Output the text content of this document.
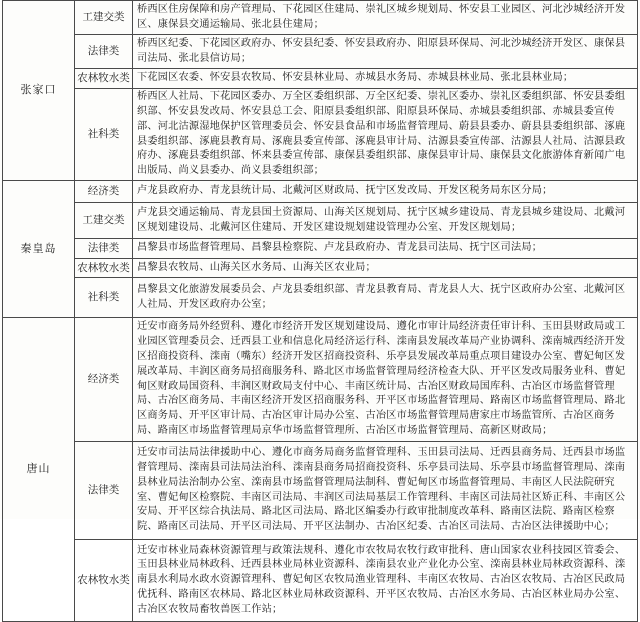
张家口	工建交类	桥西区住房保障和房产管理局、下花园区住建局、崇礼区城乡规划局、怀安县工业园区、河北沙城经济开发区、康保县交通运输局、张北县住建局；
	法律类	桥西区纪委、下花园区政府办、怀安县纪委、怀安县政府办、阳原县环保局、河北沙城经济开发区、康保县司法局、张北县信访局；
	农林牧水类	下花园区农委、怀安县农牧局、怀安县林业局、赤城县水务局、赤城县林业局、张北县林业局；
	社科类	桥西区人社局、下花园区委办、万全区委组织部、万全区纪委、崇礼区委办、崇礼区委组织部、怀安县委组织部、怀安县发改局、怀安县总工会、阳原县委组织部、阳原县环保局、赤城县委组织部、赤城县委宣传部、河北沽源湿地保护区管理委员会、怀安县食品和市场监督管理局、蔚县县委办、蔚县县委组织部、涿鹿县委组织部、涿鹿县教育局、涿鹿县委宣传部、涿鹿县审计局、沽源县委宣传部、沽源县人社局、沽源县政府办、涿鹿县委组织部、怀来县委宣传部、康保县委组织部、康保县审计局、康保县文化旅游体育新闻广电出版局、尚义县委办、尚义县委组织部；
秦皇岛	经济类	卢龙县政府办、青龙县统计局、北戴河区财政局、抚宁区发改局、开发区税务局东区分局；
	工建交类	卢龙县交通运输局、青龙县国土资源局、山海关区规划局、抚宁区城乡建设局、青龙县城乡建设局、北戴河区规划建设局、北戴河区住建局、开发区建设规划建设管理办公室、开发区规划局；
	法律类	昌黎县市场监督管理局、昌黎县检察院、卢龙县政府办、青龙县司法局、抚宁区司法局；
	农林牧水类	昌黎县农牧局、山海关区水务局、山海关区农业局；
	社科类	昌黎县文化旅游发展委员会、卢龙县委组织部、青龙县教育局、青龙县人大、抚宁区政府办公室、北戴河区人社局、开发区政府办公室；
唐山	经济类	迁安市商务局外经贸科、遵化市经济开发区规划建设局、遵化市审计局经济责任审计科、玉田县财政局或工业园区管理委员会、迁西县工业和信息化局经济运行科、滦南县发展改革局产业协调科、滦南城西经济开发区招商投资科、滦南（嘴东）经济开发区招商投资科、乐亭县发展改革局重点项目建设办公室、曹妃甸区发展改革局、丰润区商务局招商服务科、路北区市场监督管理局经济检查大队、开平区发改局服务业科、曹妃甸区财政局国资科、丰润区财政局支付中心、丰南区统计局、古冶区财政局国库科、古冶区市场监督管理局、古冶区商务局、丰南区经济开发区招商服务科、开平区市场监督管理局、路南区市场监督管理局、路北区商务局、开平区审计局、古冶区审计局办公室、古冶区市场监督管理局唐家庄市场监管所、古冶区商务局、路南区市场监督管理局京华市场监督管理所、古冶区市场监督管理局、高新区财政局；
	法律类	迁安市司法局法律援助中心、遵化市商务局商务监督管理科、玉田县司法局、迁西县商务局、迁西县市场监督管理局、滦南县司法局法治科、滦南县商务局招商投资科、乐亭县司法局、乐亭县市场监督管理局、滦南县林业局法治制办公室、滦南县市场监督管理局法制科、曹妃甸区市场监督管理局、丰南区人民法院研究室、曹妃甸区检察院、丰南区司法局、丰润区司法局基层工作管理科、丰南区司法局社区矫正科、丰南区公安局、开平区综合执法局、路北区司法局、路北区编委办行政审批制度改革科、路南区法院、路南区检察院、路南区司法局、开平区司法局、开平区法制办、古冶区纪委、古冶区司法局、古冶区法律援助中心；
	农林牧水类	迁安市林业局森林资源管理与政策法规科、遵化市农牧局农牧行政审批科、唐山国家农业科技园区管委会、玉田县林业局林政科、迁西县林业局林业资源科、滦南县农业产业化办公室、滦南县林业局林政资源科、滦南县水利局水政水资源管理科、曹妃甸区农牧局渔业管理科、丰南区农牧局、古冶区农牧局、古冶区民政局优抚科、路南区农林局、路北区林业局林政资源科、开平区农牧局、古冶区水务局、古冶区林业局办公室、古冶区农牧局畜牧兽医工作站；
